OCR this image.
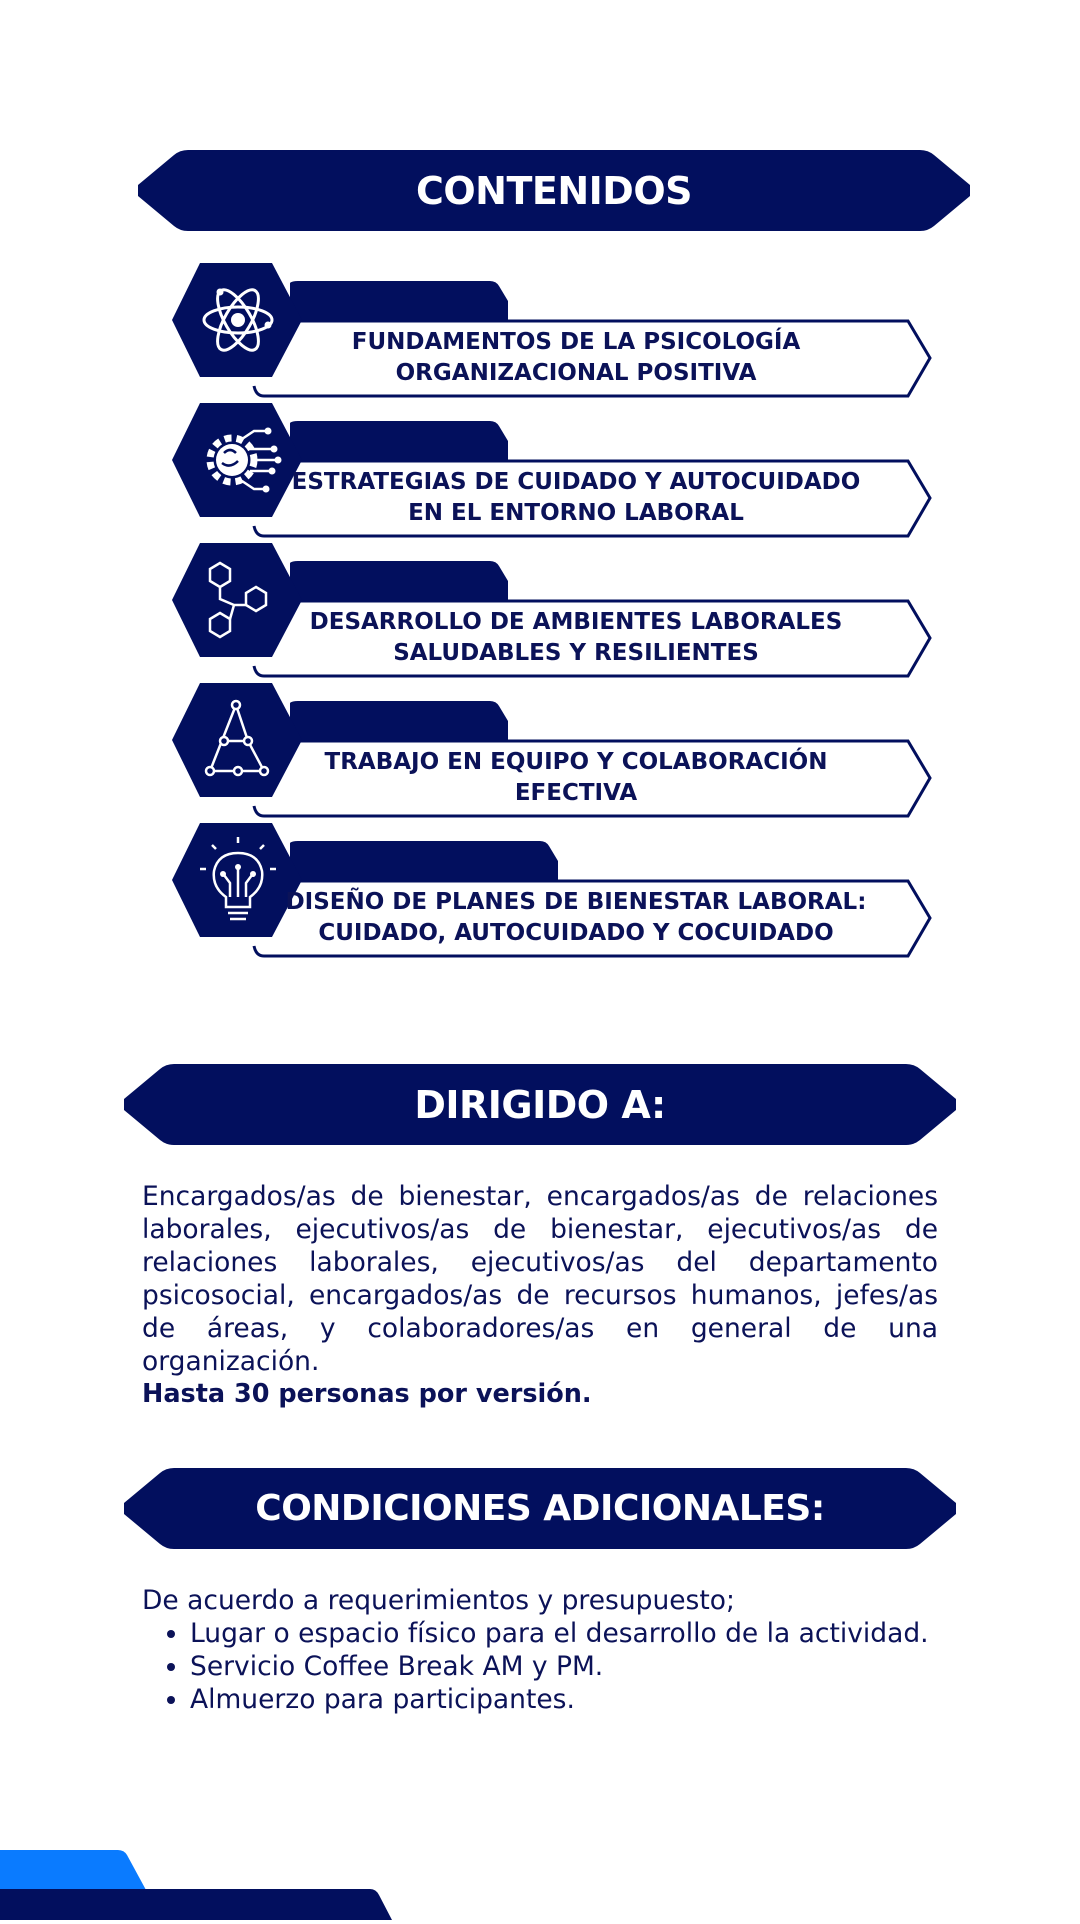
CONTENIDOS
FUNDAMENTOS DE LA PSICOLOGÍA
ORGANIZACIONAL POSITIVA
ESTRATEGIAS DE CUIDADO Y AUTOCUIDADO
EN EL ENTORNO LABORAL
DESARROLLO DE AMBIENTES LABORALES
SALUDABLES Y RESILIENTES
TRABAJO EN EQUIPO Y COLABORACIÓN EFECTIVA
DISEÑO DE PLANES DE BIENESTAR LABORAL:
CUIDADO, AUTOCUIDADO Y COCUIDADO
DIRIGIDO A:
Encargados/as de bienestar, encargados/as de relaciones laborales, ejecutivos/as de bienestar, ejecutivos/as de relaciones laborales, ejecutivos/as del departamento psicosocial, encargados/as de recursos humanos, jefes/as de áreas, y colaboradores/as en general de una organización.
Hasta 30 personas por versión.
CONDICIONES ADICIONALES:
De acuerdo a requerimientos y presupuesto;
• Lugar o espacio físico para el desarrollo de la actividad.
• Servicio Coffee Break AM y PM.
• Almuerzo para participantes.
